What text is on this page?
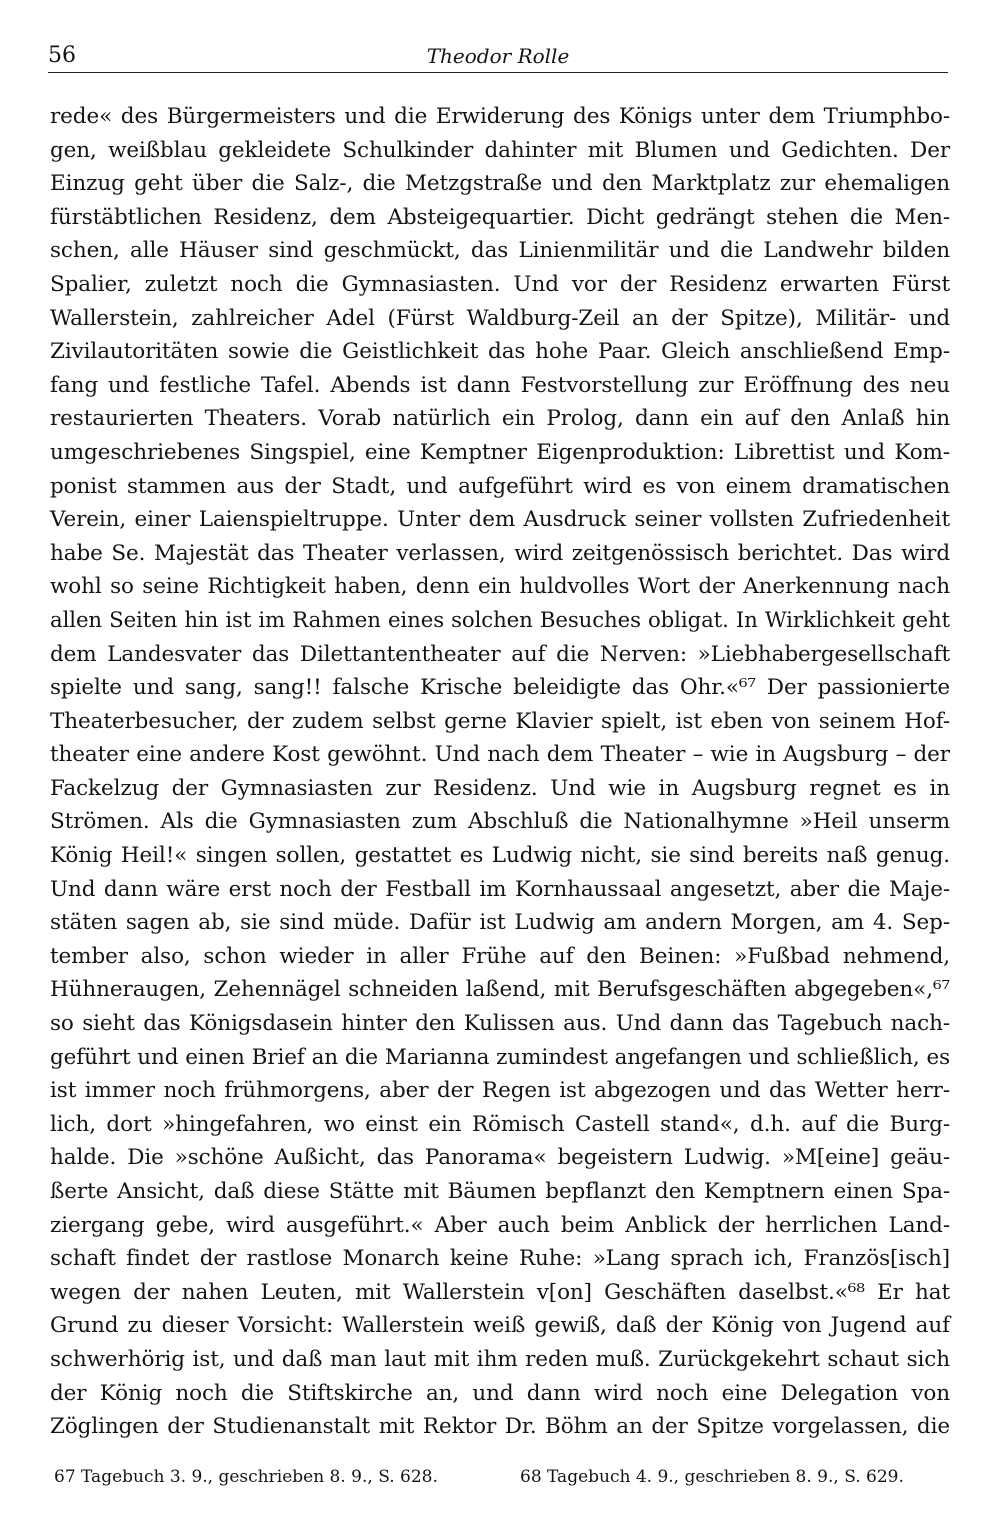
56	Theodor Rolle
rede« des Bürgermeisters und die Erwiderung des Königs unter dem Triumphbo-
gen, weißblau gekleidete Schulkinder dahinter mit Blumen und Gedichten. Der
Einzug geht über die Salz-, die Metzgstraße und den Marktplatz zur ehemaligen
fürstäbtlichen Residenz, dem Absteigequartier. Dicht gedrängt stehen die Men-
schen, alle Häuser sind geschmückt, das Linienmilitär und die Landwehr bilden
Spalier, zuletzt noch die Gymnasiasten. Und vor der Residenz erwarten Fürst
Wallerstein, zahlreicher Adel (Fürst Waldburg-Zeil an der Spitze), Militär- und
Zivilautoritäten sowie die Geistlichkeit das hohe Paar. Gleich anschließend Emp-
fang und festliche Tafel. Abends ist dann Festvorstellung zur Eröffnung des neu
restaurierten Theaters. Vorab natürlich ein Prolog, dann ein auf den Anlaß hin
umgeschriebenes Singspiel, eine Kemptner Eigenproduktion: Librettist und Kom-
ponist stammen aus der Stadt, und aufgeführt wird es von einem dramatischen
Verein, einer Laienspieltruppe. Unter dem Ausdruck seiner vollsten Zufriedenheit
habe Se. Majestät das Theater verlassen, wird zeitgenössisch berichtet. Das wird
wohl so seine Richtigkeit haben, denn ein huldvolles Wort der Anerkennung nach
allen Seiten hin ist im Rahmen eines solchen Besuches obligat. In Wirklichkeit geht
dem Landesvater das Dilettantentheater auf die Nerven: »Liebhabergesellschaft
spielte und sang, sang!! falsche Krische beleidigte das Ohr.«⁶⁷ Der passionierte
Theaterbesucher, der zudem selbst gerne Klavier spielt, ist eben von seinem Hof-
theater eine andere Kost gewöhnt. Und nach dem Theater – wie in Augsburg – der
Fackelzug der Gymnasiasten zur Residenz. Und wie in Augsburg regnet es in
Strömen. Als die Gymnasiasten zum Abschluß die Nationalhymne »Heil unserm
König Heil!« singen sollen, gestattet es Ludwig nicht, sie sind bereits naß genug.
Und dann wäre erst noch der Festball im Kornhaussaal angesetzt, aber die Maje-
stäten sagen ab, sie sind müde. Dafür ist Ludwig am andern Morgen, am 4. Sep-
tember also, schon wieder in aller Frühe auf den Beinen: »Fußbad nehmend,
Hühneraugen, Zehennägel schneiden laßend, mit Berufsgeschäften abgegeben«,⁶⁷
so sieht das Königsdasein hinter den Kulissen aus. Und dann das Tagebuch nach-
geführt und einen Brief an die Marianna zumindest angefangen und schließlich, es
ist immer noch frühmorgens, aber der Regen ist abgezogen und das Wetter herr-
lich, dort »hingefahren, wo einst ein Römisch Castell stand«, d.h. auf die Burg-
halde. Die »schöne Außicht, das Panorama« begeistern Ludwig. »M[eine] geäu-
ßerte Ansicht, daß diese Stätte mit Bäumen bepflanzt den Kemptnern einen Spa-
ziergang gebe, wird ausgeführt.« Aber auch beim Anblick der herrlichen Land-
schaft findet der rastlose Monarch keine Ruhe: »Lang sprach ich, Französ[isch]
wegen der nahen Leuten, mit Wallerstein v[on] Geschäften daselbst.«⁶⁸ Er hat
Grund zu dieser Vorsicht: Wallerstein weiß gewiß, daß der König von Jugend auf
schwerhörig ist, und daß man laut mit ihm reden muß. Zurückgekehrt schaut sich
der König noch die Stiftskirche an, und dann wird noch eine Delegation von
Zöglingen der Studienanstalt mit Rektor Dr. Böhm an der Spitze vorgelassen, die
67 Tagebuch 3. 9., geschrieben 8. 9., S. 628.	68 Tagebuch 4. 9., geschrieben 8. 9., S. 629.
